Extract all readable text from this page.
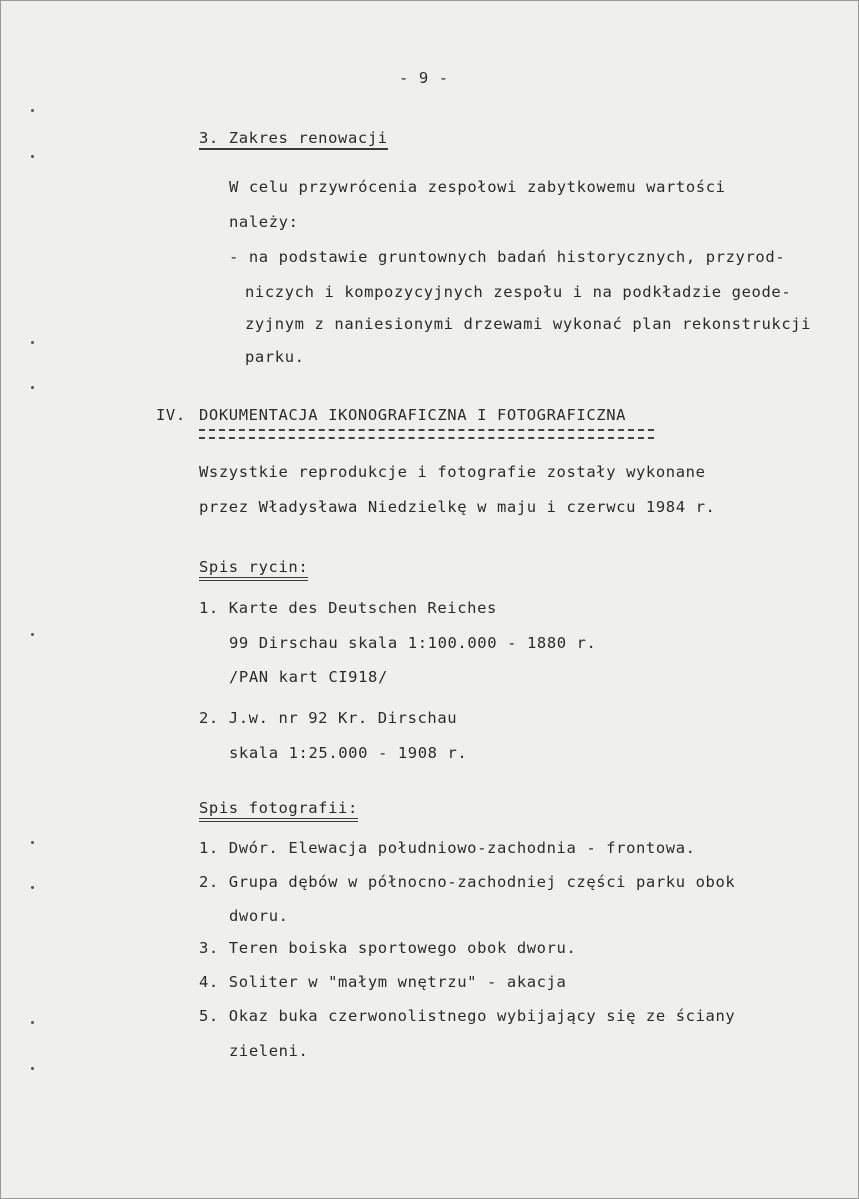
- 9 -
3. Zakres renowacji
W celu przywrócenia zespołowi zabytkowemu wartości
należy:
- na podstawie gruntownych badań historycznych, przyrod-
niczych i kompozycyjnych zespołu i na podkładzie geode-
zyjnym z naniesionymi drzewami wykonać plan rekonstrukcji
parku.
IV. DOKUMENTACJA IKONOGRAFICZNA I FOTOGRAFICZNA
Wszystkie reprodukcje i fotografie zostały wykonane
przez Władysława Niedzielkę w maju i czerwcu 1984 r.
Spis rycin:
1. Karte des Deutschen Reiches
99 Dirschau skala 1:100.000 - 1880 r.
/PAN kart CI918/
2. J.w. nr 92 Kr. Dirschau
skala 1:25.000 - 1908 r.
Spis fotografii:
1. Dwór. Elewacja południowo-zachodnia - frontowa.
2. Grupa dębów w północno-zachodniej części parku obok
dworu.
3. Teren boiska sportowego obok dworu.
4. Soliter w "małym wnętrzu" - akacja
5. Okaz buka czerwonolistnego wybijający się ze ściany
zieleni.
